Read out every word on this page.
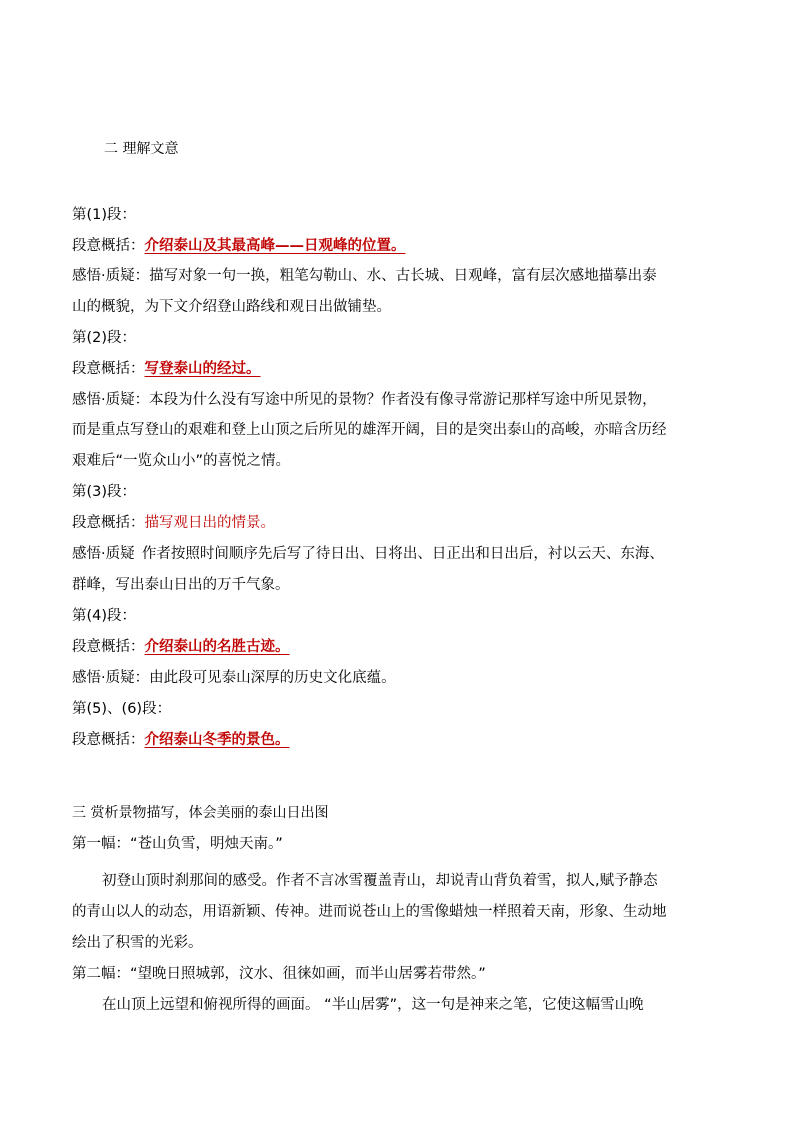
二 理解文意
第(1)段：
段意概括：介绍泰山及其最高峰——日观峰的位置。
感悟·质疑：描写对象一句一换，粗笔勾勒山、水、古长城、日观峰，富有层次感地描摹出泰
山的概貌，为下文介绍登山路线和观日出做铺垫。
第(2)段：
段意概括：写登泰山的经过。
感悟·质疑：本段为什么没有写途中所见的景物？作者没有像寻常游记那样写途中所见景物，
而是重点写登山的艰难和登上山顶之后所见的雄浑开阔，目的是突出泰山的高峻，亦暗含历经
艰难后“一览众山小”的喜悦之情。
第(3)段：
段意概括：描写观日出的情景。
感悟·质疑  作者按照时间顺序先后写了待日出、日将出、日正出和日出后，衬以云天、东海、
群峰，写出泰山日出的万千气象。
第(4)段：
段意概括：介绍泰山的名胜古迹。
感悟·质疑：由此段可见泰山深厚的历史文化底蕴。
第(5)、(6)段：
段意概括：介绍泰山冬季的景色。
三 赏析景物描写，体会美丽的泰山日出图
第一幅：“苍山负雪，明烛天南。”
初登山顶时刹那间的感受。作者不言冰雪覆盖青山，却说青山背负着雪，拟人,赋予静态
的青山以人的动态，用语新颖、传神。进而说苍山上的雪像蜡烛一样照着天南，形象、生动地
绘出了积雪的光彩。
第二幅：“望晚日照城郭，汶水、徂徕如画，而半山居雾若带然。”
在山顶上远望和俯视所得的画面。 “半山居雾”，这一句是神来之笔，它使这幅雪山晚
